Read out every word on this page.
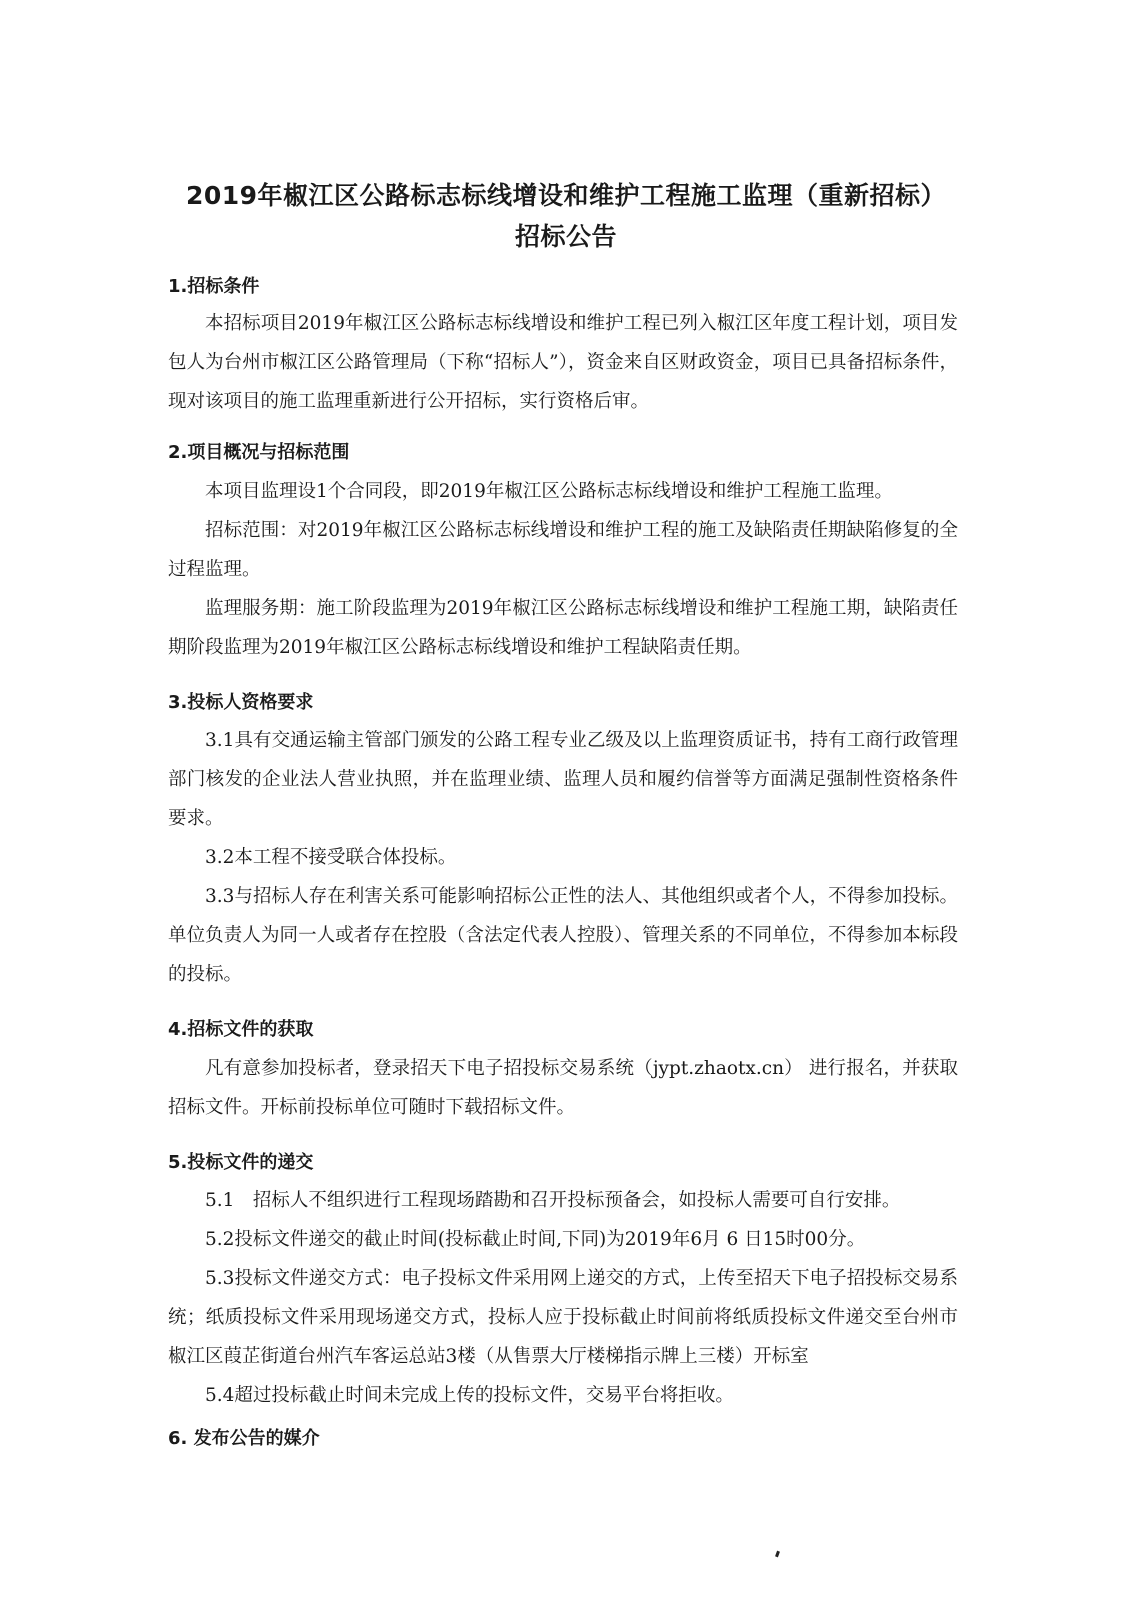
2019年椒江区公路标志标线增设和维护工程施工监理（重新招标）
招标公告
1.招标条件
本招标项目2019年椒江区公路标志标线增设和维护工程已列入椒江区年度工程计划，项目发包人为台州市椒江区公路管理局（下称“招标人”），资金来自区财政资金，项目已具备招标条件，现对该项目的施工监理重新进行公开招标，实行资格后审。
2.项目概况与招标范围
本项目监理设1个合同段，即2019年椒江区公路标志标线增设和维护工程施工监理。
招标范围：对2019年椒江区公路标志标线增设和维护工程的施工及缺陷责任期缺陷修复的全过程监理。
监理服务期：施工阶段监理为2019年椒江区公路标志标线增设和维护工程施工期，缺陷责任期阶段监理为2019年椒江区公路标志标线增设和维护工程缺陷责任期。
3.投标人资格要求
3.1具有交通运输主管部门颁发的公路工程专业乙级及以上监理资质证书，持有工商行政管理部门核发的企业法人营业执照，并在监理业绩、监理人员和履约信誉等方面满足强制性资格条件要求。
3.2本工程不接受联合体投标。
3.3与招标人存在利害关系可能影响招标公正性的法人、其他组织或者个人，不得参加投标。单位负责人为同一人或者存在控股（含法定代表人控股）、管理关系的不同单位，不得参加本标段的投标。
4.招标文件的获取
凡有意参加投标者，登录招天下电子招投标交易系统（jypt.zhaotx.cn） 进行报名，并获取招标文件。开标前投标单位可随时下载招标文件。
5.投标文件的递交
5.1　招标人不组织进行工程现场踏勘和召开投标预备会，如投标人需要可自行安排。
5.2投标文件递交的截止时间(投标截止时间,下同)为2019年6月 6 日15时00分。
5.3投标文件递交方式：电子投标文件采用网上递交的方式，上传至招天下电子招投标交易系统；纸质投标文件采用现场递交方式，投标人应于投标截止时间前将纸质投标文件递交至台州市椒江区葭芷街道台州汽车客运总站3楼（从售票大厅楼梯指示牌上三楼）开标室
5.4超过投标截止时间未完成上传的投标文件，交易平台将拒收。
6. 发布公告的媒介
